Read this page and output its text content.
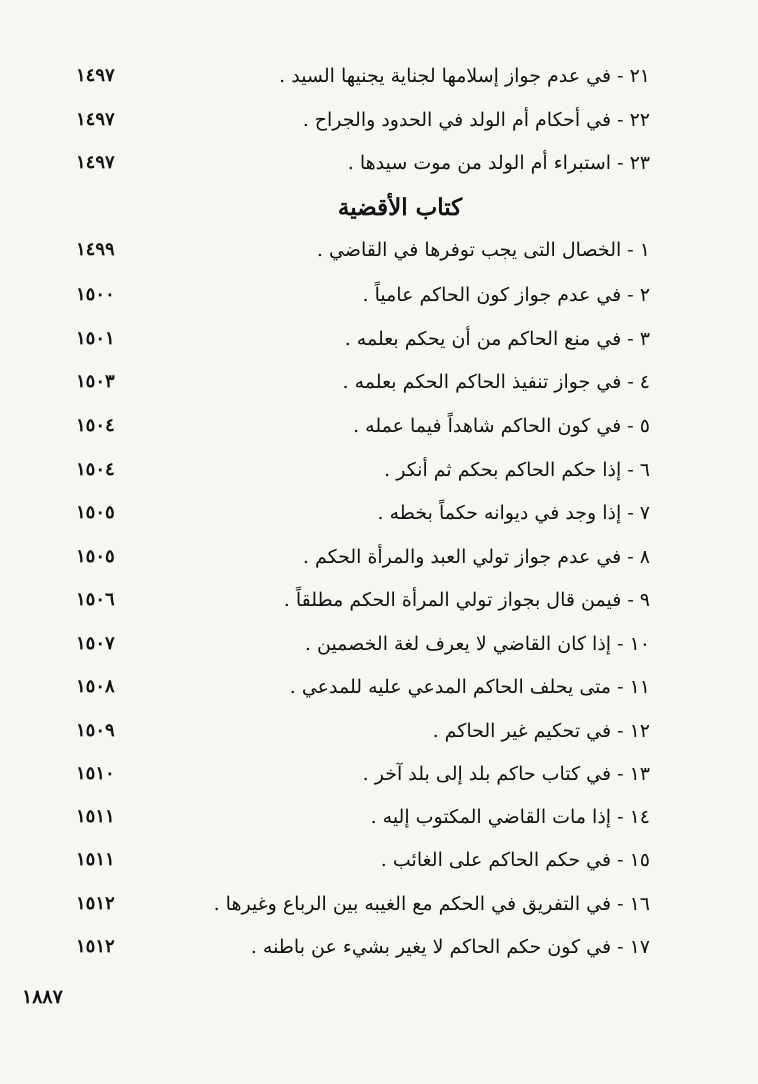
٢١ - في عدم جواز إسلامها لجناية يجنيها السيد .
١٤٩٧
٢٢ - في أحكام أم الولد في الحدود والجراح .
١٤٩٧
٢٣ - استبراء أم الولد من موت سيدها .
١٤٩٧
كتاب الأقضية
١ - الخصال التى يجب توفرها في القاضي .
١٤٩٩
٢ - في عدم جواز كون الحاكم عامياً .
١٥٠٠
٣ - في منع الحاكم من أن يحكم بعلمه .
١٥٠١
٤ - في جواز تنفيذ الحاكم الحكم بعلمه .
١٥٠٣
٥ - في كون الحاكم شاهداً فيما عمله .
١٥٠٤
٦ - إذا حكم الحاكم بحكم ثم أنكر .
١٥٠٤
٧ - إذا وجد في ديوانه حكماً بخطه .
١٥٠٥
٨ - في عدم جواز تولي العبد والمرأة الحكم .
١٥٠٥
٩ - فيمن قال بجواز تولي المرأة الحكم مطلقاً .
١٥٠٦
١٠ - إذا كان القاضي لا يعرف لغة الخصمين .
١٥٠٧
١١ - متى يحلف الحاكم المدعي عليه للمدعي .
١٥٠٨
١٢ - في تحكيم غير الحاكم .
١٥٠٩
١٣ - في كتاب حاكم بلد إلى بلد آخر .
١٥١٠
١٤ - إذا مات القاضي المكتوب إليه .
١٥١١
١٥ - في حكم الحاكم على الغائب .
١٥١١
١٦ - في التفريق في الحكم مع الغيبه بين الرباع وغيرها .
١٥١٢
١٧ - في كون حكم الحاكم لا يغير بشيء عن باطنه .
١٥١٢
١٨٨٧
